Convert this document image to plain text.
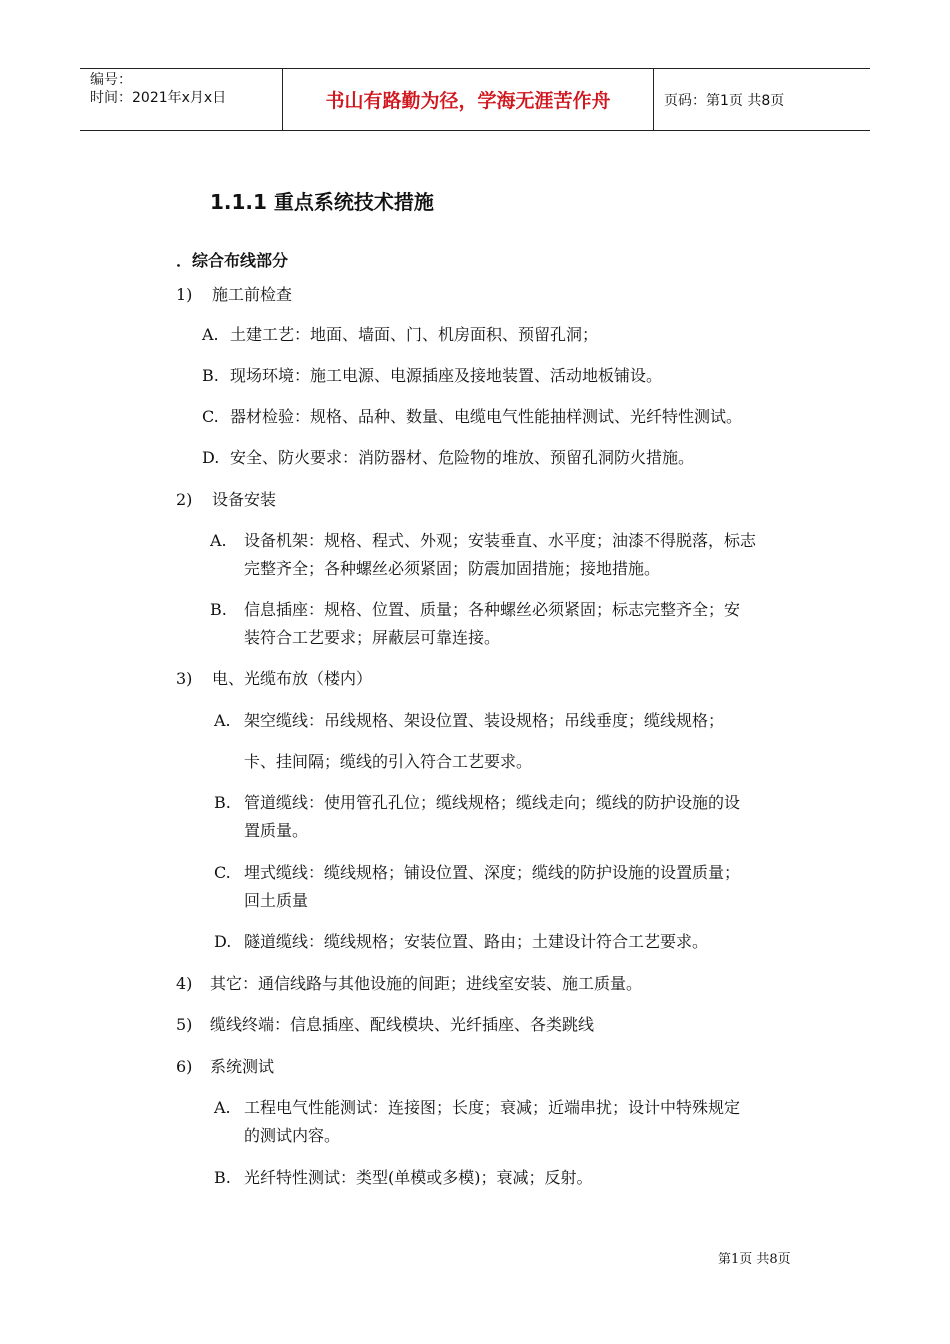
编号：
时间：2021年x月x日	书山有路勤为径，学海无涯苦作舟	页码：第1页 共8页
1.1.1 重点系统技术措施
．综合布线部分
1) 施工前检查
A. 土建工艺：地面、墙面、门、机房面积、预留孔洞；
B. 现场环境：施工电源、电源插座及接地装置、活动地板铺设。
C. 器材检验：规格、品种、数量、电缆电气性能抽样测试、光纤特性测试。
D. 安全、防火要求：消防器材、危险物的堆放、预留孔洞防火措施。
2) 设备安装
A. 设备机架：规格、程式、外观；安装垂直、水平度；油漆不得脱落，标志
完整齐全；各种螺丝必须紧固；防震加固措施；接地措施。
B. 信息插座：规格、位置、质量；各种螺丝必须紧固；标志完整齐全；安
装符合工艺要求；屏蔽层可靠连接。
3) 电、光缆布放（楼内）
A. 架空缆线：吊线规格、架设位置、装设规格；吊线垂度；缆线规格；
卡、挂间隔；缆线的引入符合工艺要求。
B. 管道缆线：使用管孔孔位；缆线规格；缆线走向；缆线的防护设施的设
置质量。
C. 埋式缆线：缆线规格；铺设位置、深度；缆线的防护设施的设置质量；
回土质量
D. 隧道缆线：缆线规格；安装位置、路由；土建设计符合工艺要求。
4) 其它：通信线路与其他设施的间距；进线室安装、施工质量。
5) 缆线终端：信息插座、配线模块、光纤插座、各类跳线
6) 系统测试
A. 工程电气性能测试：连接图；长度；衰减；近端串扰；设计中特殊规定
的测试内容。
B. 光纤特性测试：类型(单模或多模)；衰减；反射。
第1页 共8页
